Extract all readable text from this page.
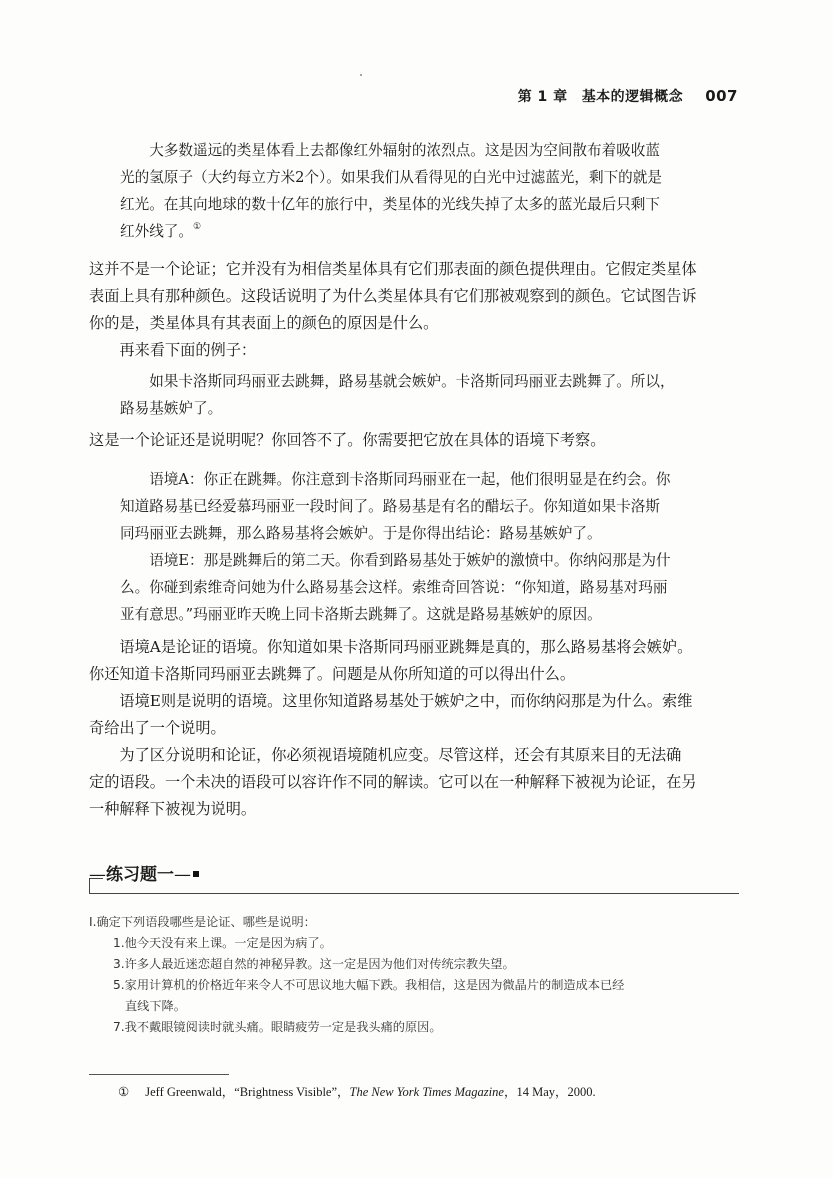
第 1 章 基本的逻辑概念 007

大多数遥远的类星体看上去都像红外辐射的浓烈点。这是因为空间散布着吸收蓝

光的氢原子（大约每立方米2个）。如果我们从看得见的白光中过滤蓝光，剩下的就是

红光。在其向地球的数十亿年的旅行中，类星体的光线失掉了太多的蓝光最后只剩下

红外线了。①

这并不是一个论证；它并没有为相信类星体具有它们那表面的颜色提供理由。它假定类星体

表面上具有那种颜色。这段话说明了为什么类星体具有它们那被观察到的颜色。它试图告诉

你的是，类星体具有其表面上的颜色的原因是什么。

再来看下面的例子：

如果卡洛斯同玛丽亚去跳舞，路易基就会嫉妒。卡洛斯同玛丽亚去跳舞了。所以，

路易基嫉妒了。

这是一个论证还是说明呢？你回答不了。你需要把它放在具体的语境下考察。

语境A：你正在跳舞。你注意到卡洛斯同玛丽亚在一起，他们很明显是在约会。你

知道路易基已经爱慕玛丽亚一段时间了。路易基是有名的醋坛子。你知道如果卡洛斯

同玛丽亚去跳舞，那么路易基将会嫉妒。于是你得出结论：路易基嫉妒了。

语境E：那是跳舞后的第二天。你看到路易基处于嫉妒的激愤中。你纳闷那是为什

么。你碰到索维奇问她为什么路易基会这样。索维奇回答说：“你知道，路易基对玛丽

亚有意思。”玛丽亚昨天晚上同卡洛斯去跳舞了。这就是路易基嫉妒的原因。

语境A是论证的语境。你知道如果卡洛斯同玛丽亚跳舞是真的，那么路易基将会嫉妒。

你还知道卡洛斯同玛丽亚去跳舞了。问题是从你所知道的可以得出什么。

语境E则是说明的语境。这里你知道路易基处于嫉妒之中，而你纳闷那是为什么。索维

奇给出了一个说明。

为了区分说明和论证，你必须视语境随机应变。尽管这样，还会有其原来目的无法确

定的语段。一个未决的语段可以容许作不同的解读。它可以在一种解释下被视为论证，在另

一种解释下被视为说明。

—练习题一—

Ⅰ.确定下列语段哪些是论证、哪些是说明：

1.他今天没有来上课。一定是因为病了。

3.许多人最近迷恋超自然的神秘异教。这一定是因为他们对传统宗教失望。

5.家用计算机的价格近年来令人不可思议地大幅下跌。我相信，这是因为微晶片的制造成本已经

直线下降。

7.我不戴眼镜阅读时就头痛。眼睛疲劳一定是我头痛的原因。

① Jeff Greenwald，“Brightness Visible”，The New York Times Magazine，14 May，2000.
